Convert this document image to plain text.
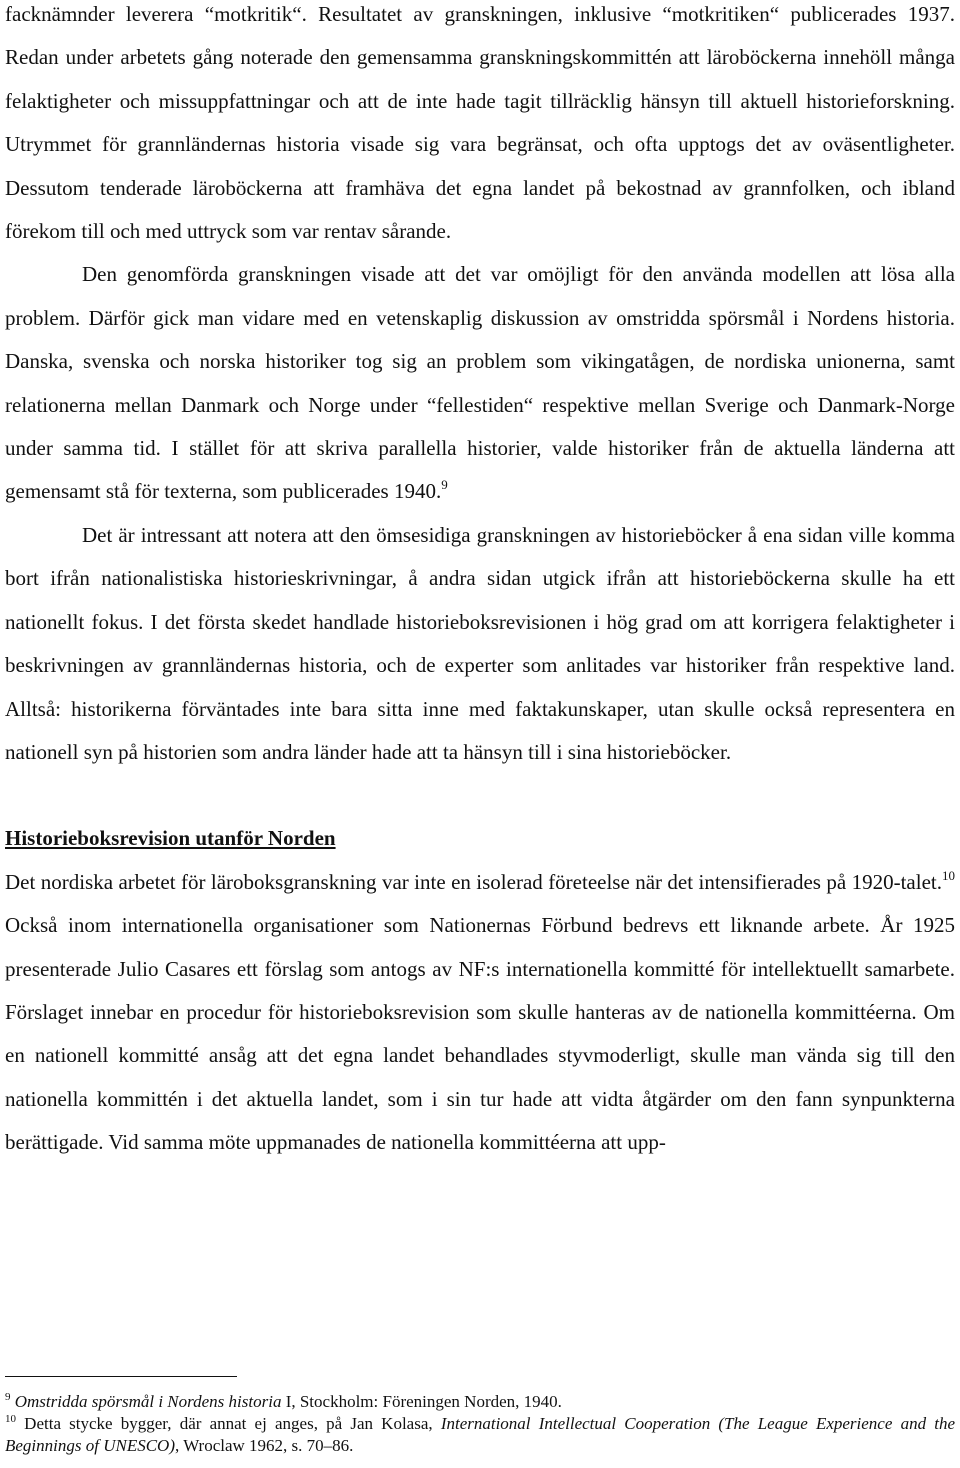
facknämnder leverera “motkritik“. Resultatet av granskningen, inklusive “motkritiken“ publicerades 1937. Redan under arbetets gång noterade den gemensamma granskningskommittén att läroböckerna innehöll många felaktigheter och missuppfattningar och att de inte hade tagit tillräcklig hänsyn till aktuell historieforskning. Utrymmet för grannländernas historia visade sig vara begränsat, och ofta upptogs det av oväsentligheter. Dessutom tenderade läroböckerna att framhäva det egna landet på bekostnad av grannfolken, och ibland förekom till och med uttryck som var rentav sårande.

Den genomförda granskningen visade att det var omöjligt för den använda modellen att lösa alla problem. Därför gick man vidare med en vetenskaplig diskussion av omstridda spörsmål i Nordens historia. Danska, svenska och norska historiker tog sig an problem som vikingatågen, de nordiska unionerna, samt relationerna mellan Danmark och Norge under “fellestiden“ respektive mellan Sverige och Danmark-Norge under samma tid. I stället för att skriva parallella historier, valde historiker från de aktuella länderna att gemensamt stå för texterna, som publicerades 1940.$^9$

Det är intressant att notera att den ömsesidiga granskningen av historieböcker å ena sidan ville komma bort ifrån nationalistiska historieskrivningar, å andra sidan utgick ifrån att historieböckerna skulle ha ett nationellt fokus. I det första skedet handlade historieboksrevisionen i hög grad om att korrigera felaktigheter i beskrivningen av grannländernas historia, och de experter som anlitades var historiker från respektive land. Alltså: historikerna förväntades inte bara sitta inne med faktakunskaper, utan skulle också representera en nationell syn på historien som andra länder hade att ta hänsyn till i sina historieböcker.

Historieboksrevision utanför Norden

Det nordiska arbetet för läroboksgranskning var inte en isolerad företeelse när det intensifierades på 1920-talet.$^{10}$ Också inom internationella organisationer som Nationernas Förbund bedrevs ett liknande arbete. År 1925 presenterade Julio Casares ett förslag som antogs av NF:s internationella kommitté för intellektuellt samarbete. Förslaget innebar en procedur för historieboksrevision som skulle hanteras av de nationella kommittéerna. Om en nationell kommitté ansåg att det egna landet behandlades styvmoderligt, skulle man vända sig till den nationella kommittén i det aktuella landet, som i sin tur hade att vidta åtgärder om den fann synpunkterna berättigade. Vid samma möte uppmanades de nationella kommittéerna att upp-

$^9$ Omstridda spörsmål i Nordens historia I, Stockholm: Föreningen Norden, 1940.

$^{10}$ Detta stycke bygger, där annat ej anges, på Jan Kolasa, International Intellectual Cooperation (The League Experience and the Beginnings of UNESCO), Wroclaw 1962, s. 70–86.
